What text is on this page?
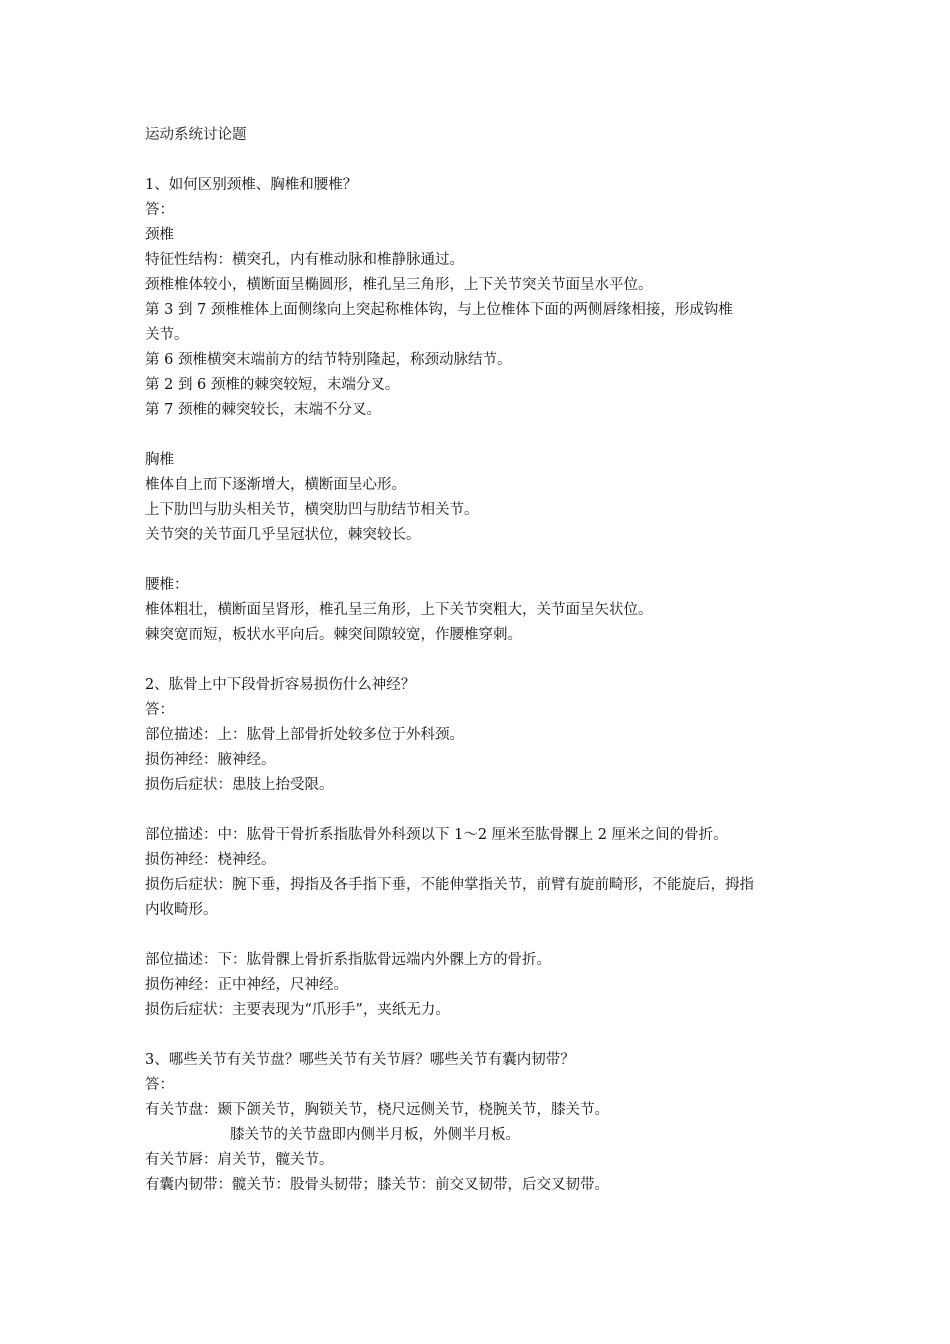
运动系统讨论题
1、如何区别颈椎、胸椎和腰椎？
答：
颈椎
特征性结构：横突孔，内有椎动脉和椎静脉通过。
颈椎椎体较小，横断面呈椭圆形，椎孔呈三角形，上下关节突关节面呈水平位。
第 3 到 7 颈椎椎体上面侧缘向上突起称椎体钩，与上位椎体下面的两侧唇缘相接，形成钩椎
关节。
第 6 颈椎横突末端前方的结节特别隆起，称颈动脉结节。
第 2 到 6 颈椎的棘突较短，末端分叉。
第 7 颈椎的棘突较长，末端不分叉。
胸椎
椎体自上而下逐渐增大，横断面呈心形。
上下肋凹与肋头相关节，横突肋凹与肋结节相关节。
关节突的关节面几乎呈冠状位，棘突较长。
腰椎：
椎体粗壮，横断面呈肾形，椎孔呈三角形，上下关节突粗大，关节面呈矢状位。
棘突宽而短，板状水平向后。棘突间隙较宽，作腰椎穿刺。
2、肱骨上中下段骨折容易损伤什么神经？
答：
部位描述：上：肱骨上部骨折处较多位于外科颈。
损伤神经：腋神经。
损伤后症状：患肢上抬受限。
部位描述：中：肱骨干骨折系指肱骨外科颈以下 1～2 厘米至肱骨髁上 2 厘米之间的骨折。
损伤神经：桡神经。
损伤后症状：腕下垂，拇指及各手指下垂，不能伸掌指关节，前臂有旋前畸形，不能旋后，拇指
内收畸形。
部位描述：下：肱骨髁上骨折系指肱骨远端内外髁上方的骨折。
损伤神经：正中神经，尺神经。
损伤后症状：主要表现为“爪形手”，夹纸无力。
3、哪些关节有关节盘？哪些关节有关节唇？哪些关节有囊内韧带？
答：
有关节盘：颞下颌关节，胸锁关节，桡尺远侧关节，桡腕关节，膝关节。
膝关节的关节盘即内侧半月板，外侧半月板。
有关节唇：肩关节，髋关节。
有囊内韧带：髋关节：股骨头韧带；膝关节：前交叉韧带，后交叉韧带。
